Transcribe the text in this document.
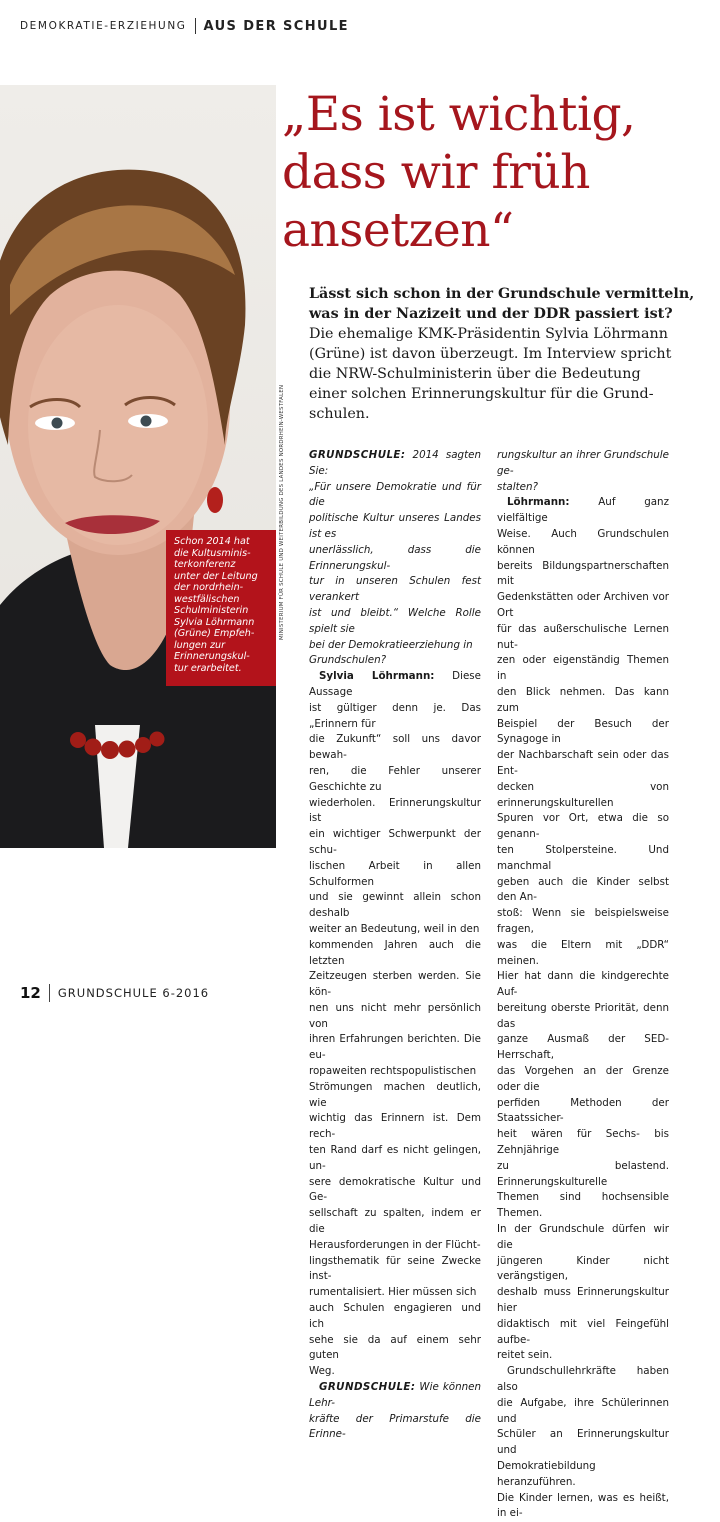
DEMOKRATIE-ERZIEHUNG AUS DER SCHULE
MINISTERIUM FÜR SCHULE UND WEITERBILDUNG DES LANDES NORDRHEIN-WESTFALEN
Schon 2014 hat
die Kultusminis-
terkonferenz
unter der Leitung
der nordrhein-
westfälischen
Schulministerin
Sylvia Löhrmann
(Grüne) Empfeh-
lungen zur
Erinnerungskul-
tur erarbeitet.
„Es ist wichtig,
dass wir früh
ansetzen“
Lässt sich schon in der Grundschule vermitteln,
was in der Nazizeit und der DDR passiert ist?
Die ehemalige KMK-Präsidentin Sylvia Löhrmann
(Grüne) ist davon überzeugt. Im Interview spricht
die NRW-Schulministerin über die Bedeutung
einer solchen Erinnerungskultur für die Grund-
schulen.

GRUNDSCHULE: 2014 sagten Sie:
„Für unsere Demokratie und für die
politische Kultur unseres Landes ist es
unerlässlich, dass die Erinnerungskul-
tur in unseren Schulen fest verankert
ist und bleibt.“ Welche Rolle spielt sie
bei der Demokratieerziehung in
Grundschulen?

Sylvia Löhrmann: Diese Aussage
ist gültiger denn je. Das „Erinnern für
die Zukunft“ soll uns davor bewah-
ren, die Fehler unserer Geschichte zu
wiederholen. Erinnerungskultur ist
ein wichtiger Schwerpunkt der schu-
lischen Arbeit in allen Schulformen
und sie gewinnt allein schon deshalb
weiter an Bedeutung, weil in den
kommenden Jahren auch die letzten
Zeitzeugen sterben werden. Sie kön-
nen uns nicht mehr persönlich von
ihren Erfahrungen berichten. Die eu-
ropaweiten rechtspopulistischen
Strömungen machen deutlich, wie
wichtig das Erinnern ist. Dem rech-
ten Rand darf es nicht gelingen, un-
sere demokratische Kultur und Ge-
sellschaft zu spalten, indem er die
Herausforderungen in der Flücht-
lingsthematik für seine Zwecke inst-
rumentalisiert. Hier müssen sich
auch Schulen engagieren und ich
sehe sie da auf einem sehr guten
Weg.

GRUNDSCHULE: Wie können Lehr-
kräfte der Primarstufe die Erinne-

rungskultur an ihrer Grundschule ge-
stalten?

Löhrmann:	Auf ganz vielfältige
Weise. Auch Grundschulen können
bereits Bildungspartnerschaften mit
Gedenkstätten oder Archiven vor Ort
für das außerschulische Lernen nut-
zen oder eigenständig Themen in
den Blick nehmen. Das kann zum
Beispiel der Besuch der Synagoge in
der Nachbarschaft sein oder das Ent-
decken von erinnerungskulturellen
Spuren vor Ort, etwa die so genann-
ten Stolpersteine. Und manchmal
geben auch die Kinder selbst den An-
stoß: Wenn sie beispielsweise fragen,
was die Eltern mit „DDR“ meinen.
Hier hat dann die kindgerechte Auf-
bereitung oberste Priorität, denn das
ganze Ausmaß der SED-Herrschaft,
das Vorgehen an der Grenze oder die
perfiden Methoden der Staatssicher-
heit wären für Sechs- bis Zehnjährige
zu belastend. Erinnerungskulturelle
Themen sind hochsensible Themen.
In der Grundschule dürfen wir die
jüngeren Kinder nicht verängstigen,
deshalb muss Erinnerungskultur hier
didaktisch mit viel Feingefühl aufbe-
reitet sein.

Grundschullehrkräfte haben also
die Aufgabe, ihre Schülerinnen und
Schüler an Erinnerungskultur und
Demokratiebildung heranzuführen.
Die Kinder lernen, was es heißt, in ei-

12 GRUNDSCHULE 6-2016
